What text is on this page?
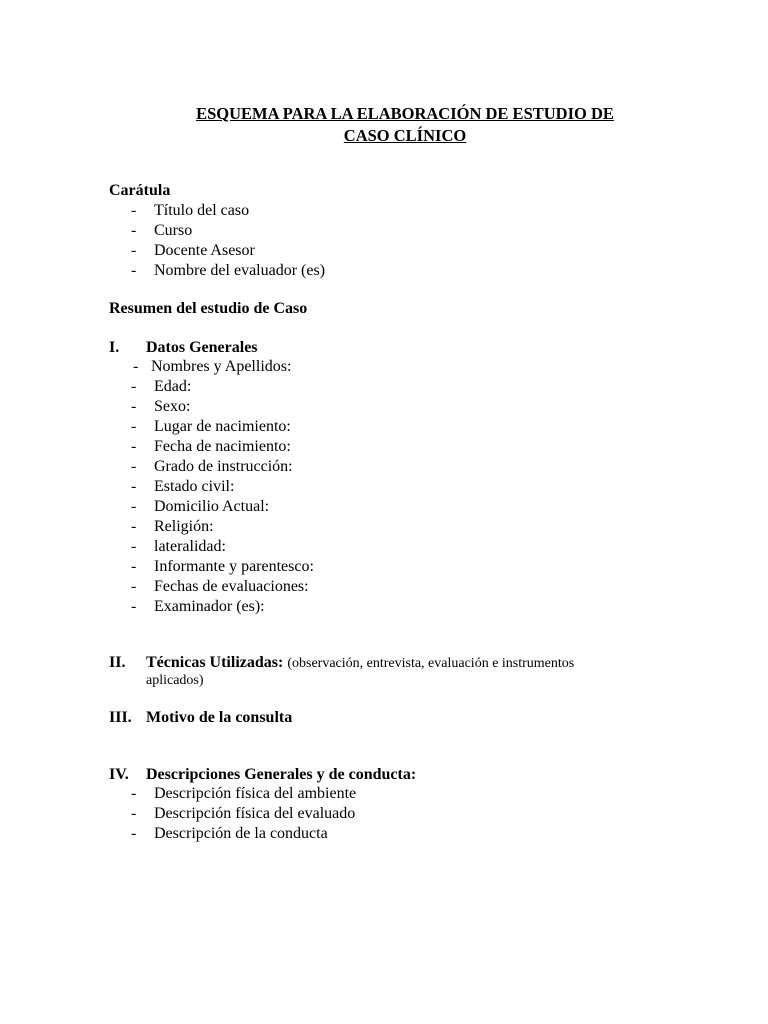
ESQUEMA PARA LA ELABORACIÓN DE ESTUDIO DE
CASO CLÍNICO
Carátula
- Título del caso
- Curso
- Docente Asesor
- Nombre del evaluador (es)
Resumen del estudio de Caso
I. Datos Generales
- Nombres y Apellidos:
- Edad:
- Sexo:
- Lugar de nacimiento:
- Fecha de nacimiento:
- Grado de instrucción:
- Estado civil:
- Domicilio Actual:
- Religión:
- lateralidad:
- Informante y parentesco:
- Fechas de evaluaciones:
- Examinador (es):
II. Técnicas Utilizadas: (observación, entrevista, evaluación e instrumentos
aplicados)
III. Motivo de la consulta
IV. Descripciones Generales y de conducta:
- Descripción física del ambiente
- Descripción física del evaluado
- Descripción de la conducta
